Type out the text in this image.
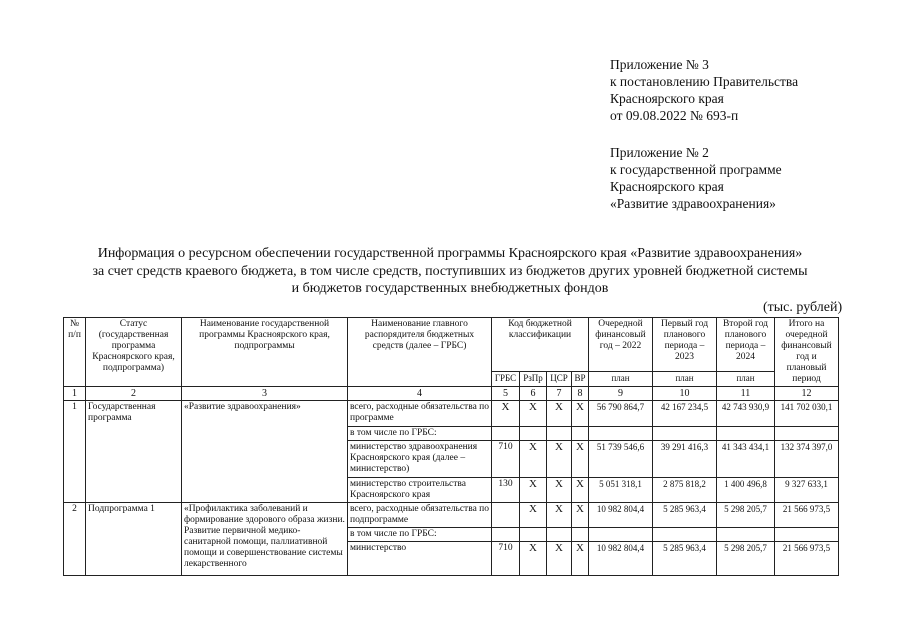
Приложение № 3
к постановлению Правительства
Красноярского края
от 09.08.2022 № 693-п
Приложение № 2
к государственной программе
Красноярского края
«Развитие здравоохранения»
Информация о ресурсном обеспечении государственной программы Красноярского края «Развитие здравоохранения»
за счет средств краевого бюджета, в том числе средств, поступивших из бюджетов других уровней бюджетной системы
и бюджетов государственных внебюджетных фондов
(тыс. рублей)
№ п/п	Статус (государственная программа Красноярского края, подпрограмма)	Наименование государственной программы Красноярского края, подпрограммы	Наименование главного распорядителя бюджетных средств (далее – ГРБС)	Код бюджетной классификации				Очередной финансовый год – 2022	Первый год планового периода – 2023	Второй год планового периода – 2024	Итого на очередной финансовый год и плановый период
				ГРБС	РзПр	ЦСР	ВР	план	план	план	
1	2	3	4	5	6	7	8	9	10	11	12
1	Государственная программа	«Развитие здравоохранения»	всего, расходные обязательства по программе	Х	Х	Х	Х	56 790 864,7	42 167 234,5	42 743 930,9	141 702 030,1
			в том числе по ГРБС:								
			министерство здравоохранения Красноярского края (далее – министерство)	710	Х	Х	Х	51 739 546,6	39 291 416,3	41 343 434,1	132 374 397,0
			министерство строительства Красноярского края	130	Х	Х	Х	5 051 318,1	2 875 818,2	1 400 496,8	9 327 633,1
2	Подпрограмма 1	«Профилактика заболеваний и формирование здорового образа жизни. Развитие первичной медико-санитарной помощи, паллиативной помощи и совершенствование системы лекарственного	всего, расходные обязательства по подпрограмме		Х	Х	Х	10 982 804,4	5 285 963,4	5 298 205,7	21 566 973,5
			в том числе по ГРБС:								
			министерство	710	Х	Х	Х	10 982 804,4	5 285 963,4	5 298 205,7	21 566 973,5
